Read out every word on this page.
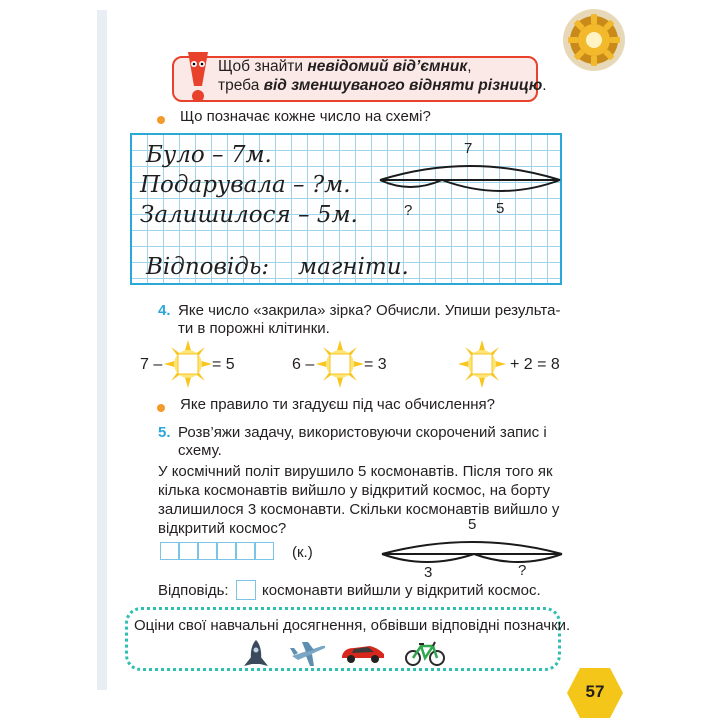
Щоб знайти невідомий від’ємник,
треба від зменшуваного відняти різницю.
Що позначає кожне число на схемі?
Було – 7м.
Подарувала – ?м.
Залишилося – 5м.
Відповідь: магніти.
7
?	5
4. Яке число «закрила» зірка? Обчисли. Упиши результа-
ти в порожні клітинки.
7 –	= 5	6 –	= 3	+ 2 = 8
Яке правило ти згадуєш під час обчислення?
5. Розв’яжи задачу, використовуючи скорочений запис і
схему.
У космічний політ вирушило 5 космонавтів. Після того як
кілька космонавтів вийшло у відкритий космос, на борту
залишилося 3 космонавти. Скільки космонавтів вийшло у
відкритий космос?
(к.)
5
3	?
Відповідь: космонавти вийшли у відкритий космос.
Оціни свої навчальні досягнення, обвівши відповідні позначки.
57
